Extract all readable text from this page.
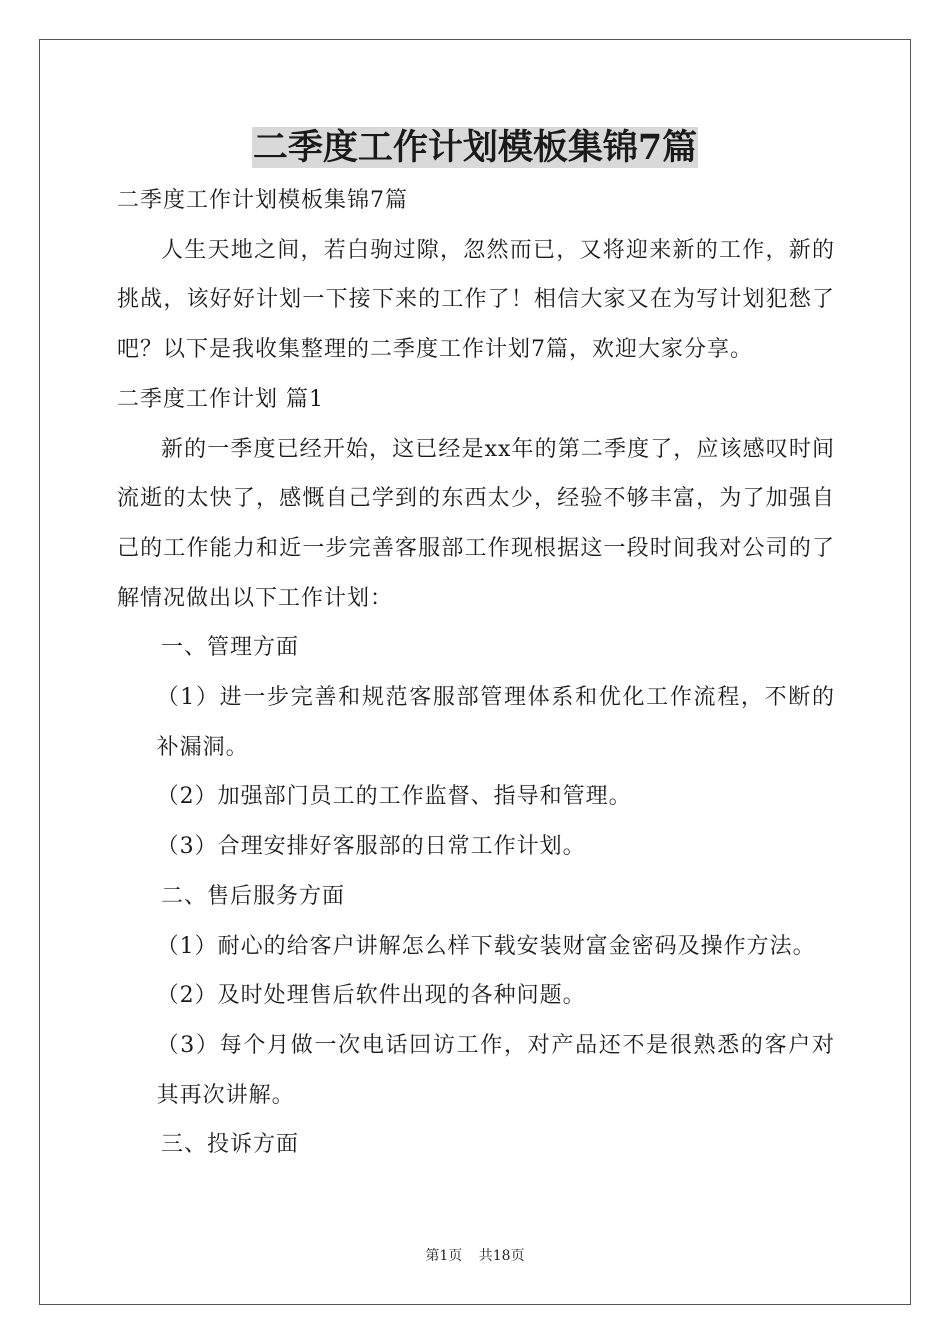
二季度工作计划模板集锦7篇

二季度工作计划模板集锦7篇

人生天地之间，若白驹过隙，忽然而已，又将迎来新的工作，新的挑战，该好好计划一下接下来的工作了！相信大家又在为写计划犯愁了吧？以下是我收集整理的二季度工作计划7篇，欢迎大家分享。

二季度工作计划 篇1

新的一季度已经开始，这已经是xx年的第二季度了，应该感叹时间流逝的太快了，感慨自己学到的东西太少，经验不够丰富，为了加强自己的工作能力和近一步完善客服部工作现根据这一段时间我对公司的了解情况做出以下工作计划：

一、管理方面

（1）进一步完善和规范客服部管理体系和优化工作流程，不断的补漏洞。

（2）加强部门员工的工作监督、指导和管理。

（3）合理安排好客服部的日常工作计划。

二、售后服务方面

（1）耐心的给客户讲解怎么样下载安装财富金密码及操作方法。

（2）及时处理售后软件出现的各种问题。

（3）每个月做一次电话回访工作，对产品还不是很熟悉的客户对其再次讲解。

三、投诉方面

第1页 共18页
